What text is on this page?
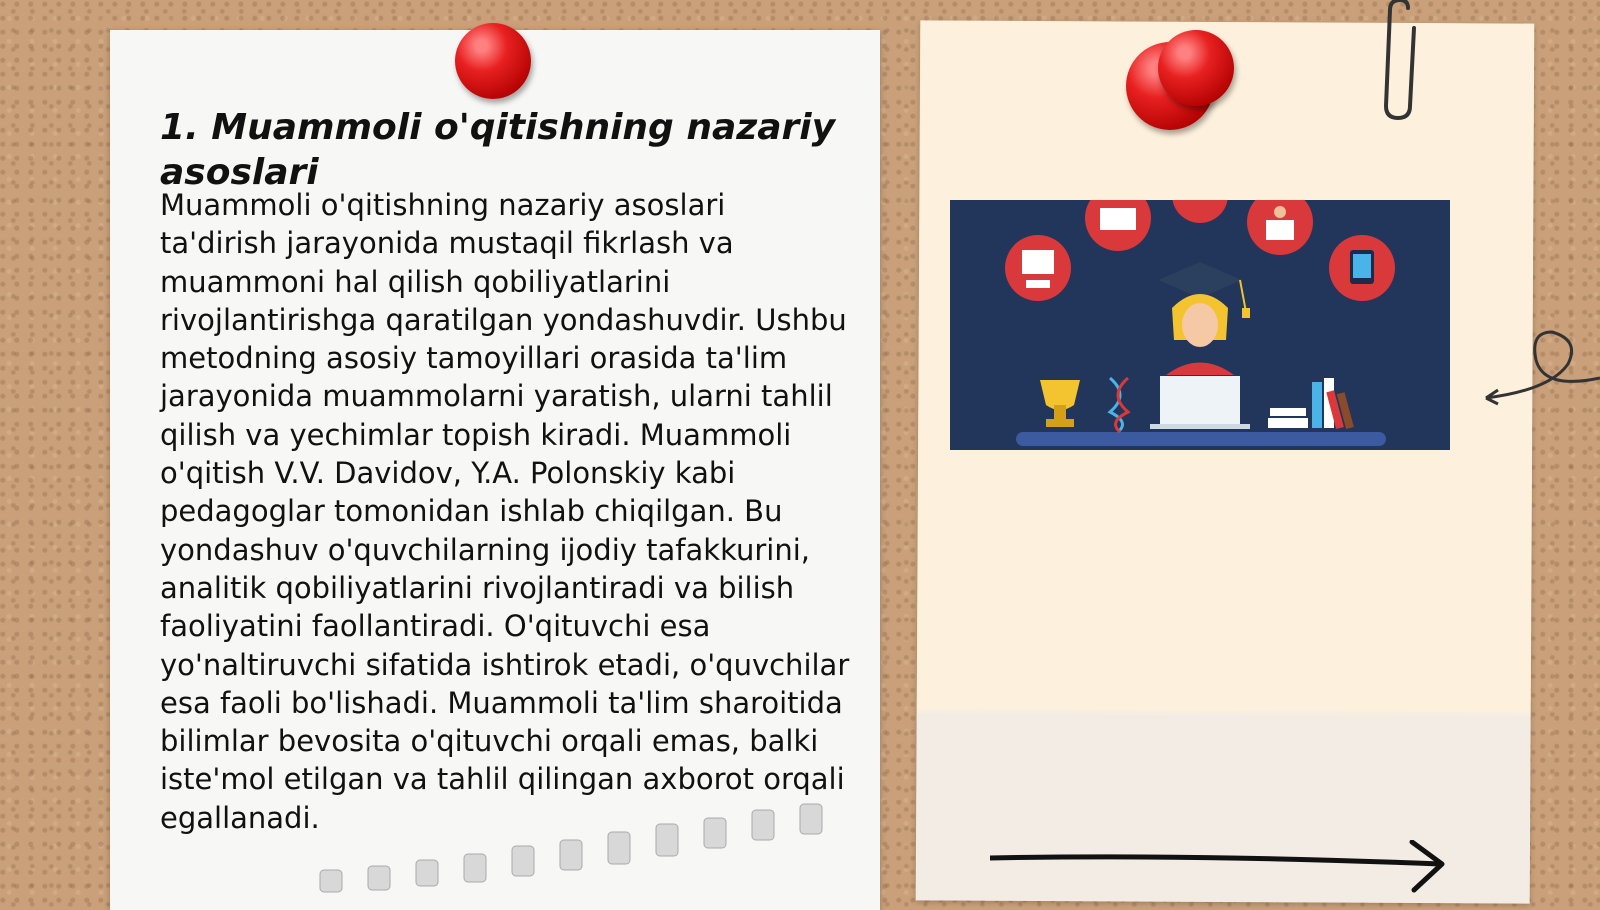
1. Muammoli o'qitishning nazariy asoslari

Muammoli o'qitishning nazariy asoslari ta'dirish jarayonida mustaqil fikrlash va muammoni hal qilish qobiliyatlarini rivojlantirishga qaratilgan yondashuvdir. Ushbu metodning asosiy tamoyillari orasida ta'lim jarayonida muammolarni yaratish, ularni tahlil qilish va yechimlar topish kiradi. Muammoli o'qitish V.V. Davidov, Y.A. Polonskiy kabi pedagoglar tomonidan ishlab chiqilgan. Bu yondashuv o'quvchilarning ijodiy tafakkurini, analitik qobiliyatlarini rivojlantiradi va bilish faoliyatini faollantiradi. O'qituvchi esa yo'naltiruvchi sifatida ishtirok etadi, o'quvchilar esa faoli bo'lishadi. Muammoli ta'lim sharoitida bilimlar bevosita o'qituvchi orqali emas, balki iste'mol etilgan va tahlil qilingan axborot orqali egallanadi.
